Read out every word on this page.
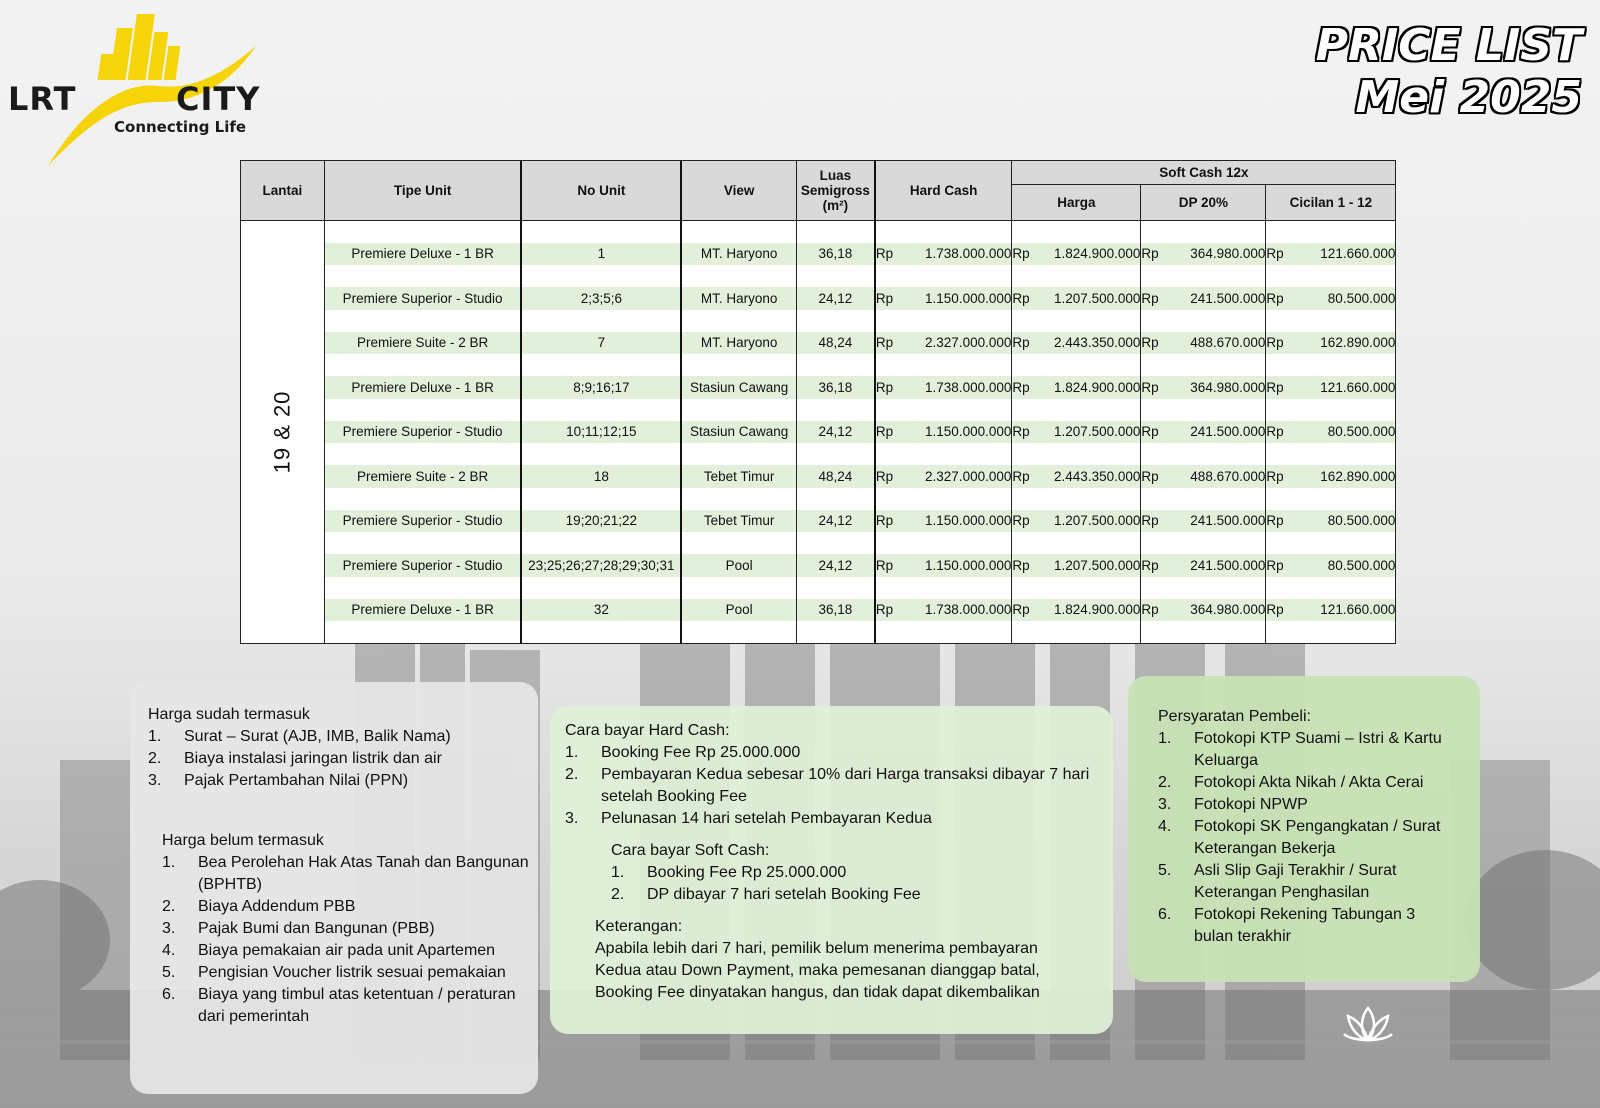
LRT	CITY
Connecting Life
PRICE LIST
Mei 2025
Lantai	Tipe Unit	No Unit	View	Luas Semigross (m²)	Hard Cash	Soft Cash 12x		
						Harga	DP 20%	Cicilan 1 - 12
19 & 20								
	Premiere Deluxe - 1 BR	1	MT. Haryono	36,18	Rp 1.738.000.000	Rp 1.824.900.000	Rp 364.980.000	Rp 121.660.000

	Premiere Superior - Studio	2;3;5;6	MT. Haryono	24,12	Rp 1.150.000.000	Rp 1.207.500.000	Rp 241.500.000	Rp 80.500.000

	Premiere Suite - 2 BR	7	MT. Haryono	48,24	Rp 2.327.000.000	Rp 2.443.350.000	Rp 488.670.000	Rp 162.890.000

	Premiere Deluxe - 1 BR	8;9;16;17	Stasiun Cawang	36,18	Rp 1.738.000.000	Rp 1.824.900.000	Rp 364.980.000	Rp 121.660.000

	Premiere Superior - Studio	10;11;12;15	Stasiun Cawang	24,12	Rp 1.150.000.000	Rp 1.207.500.000	Rp 241.500.000	Rp 80.500.000

	Premiere Suite - 2 BR	18	Tebet Timur	48,24	Rp 2.327.000.000	Rp 2.443.350.000	Rp 488.670.000	Rp 162.890.000

	Premiere Superior - Studio	19;20;21;22	Tebet Timur	24,12	Rp 1.150.000.000	Rp 1.207.500.000	Rp 241.500.000	Rp 80.500.000

	Premiere Superior - Studio	23;25;26;27;28;29;30;31	Pool	24,12	Rp 1.150.000.000	Rp 1.207.500.000	Rp 241.500.000	Rp 80.500.000

	Premiere Deluxe - 1 BR	32	Pool	36,18	Rp 1.738.000.000	Rp 1.824.900.000	Rp 364.980.000	Rp 121.660.000

Harga sudah termasuk
1.	Surat – Surat (AJB, IMB, Balik Nama)
2.	Biaya instalasi jaringan listrik dan air
3.	Pajak Pertambahan Nilai (PPN)
Harga belum termasuk
1.	Bea Perolehan Hak Atas Tanah dan Bangunan (BPHTB)
2.	Biaya Addendum PBB
3.	Pajak Bumi dan Bangunan (PBB)
4.	Biaya pemakaian air pada unit Apartemen
5.	Pengisian Voucher listrik sesuai pemakaian
6.	Biaya yang timbul atas ketentuan / peraturan dari pemerintah
Cara bayar Hard Cash:
1.	Booking Fee Rp 25.000.000
2.	Pembayaran Kedua sebesar 10% dari Harga transaksi dibayar 7 hari setelah Booking Fee
3.	Pelunasan 14 hari setelah Pembayaran Kedua
Cara bayar Soft Cash:
1.	Booking Fee Rp 25.000.000
2.	DP dibayar 7 hari setelah Booking Fee
Keterangan:
Apabila lebih dari 7 hari, pemilik belum menerima pembayaran Kedua atau Down Payment, maka pemesanan dianggap batal, Booking Fee dinyatakan hangus, dan tidak dapat dikembalikan
Persyaratan Pembeli:
1.	Fotokopi KTP Suami – Istri & Kartu Keluarga
2.	Fotokopi Akta Nikah / Akta Cerai
3.	Fotokopi NPWP
4.	Fotokopi SK Pengangkatan / Surat Keterangan Bekerja
5.	Asli Slip Gaji Terakhir / Surat Keterangan Penghasilan
6.	Fotokopi Rekening Tabungan 3 bulan terakhir
